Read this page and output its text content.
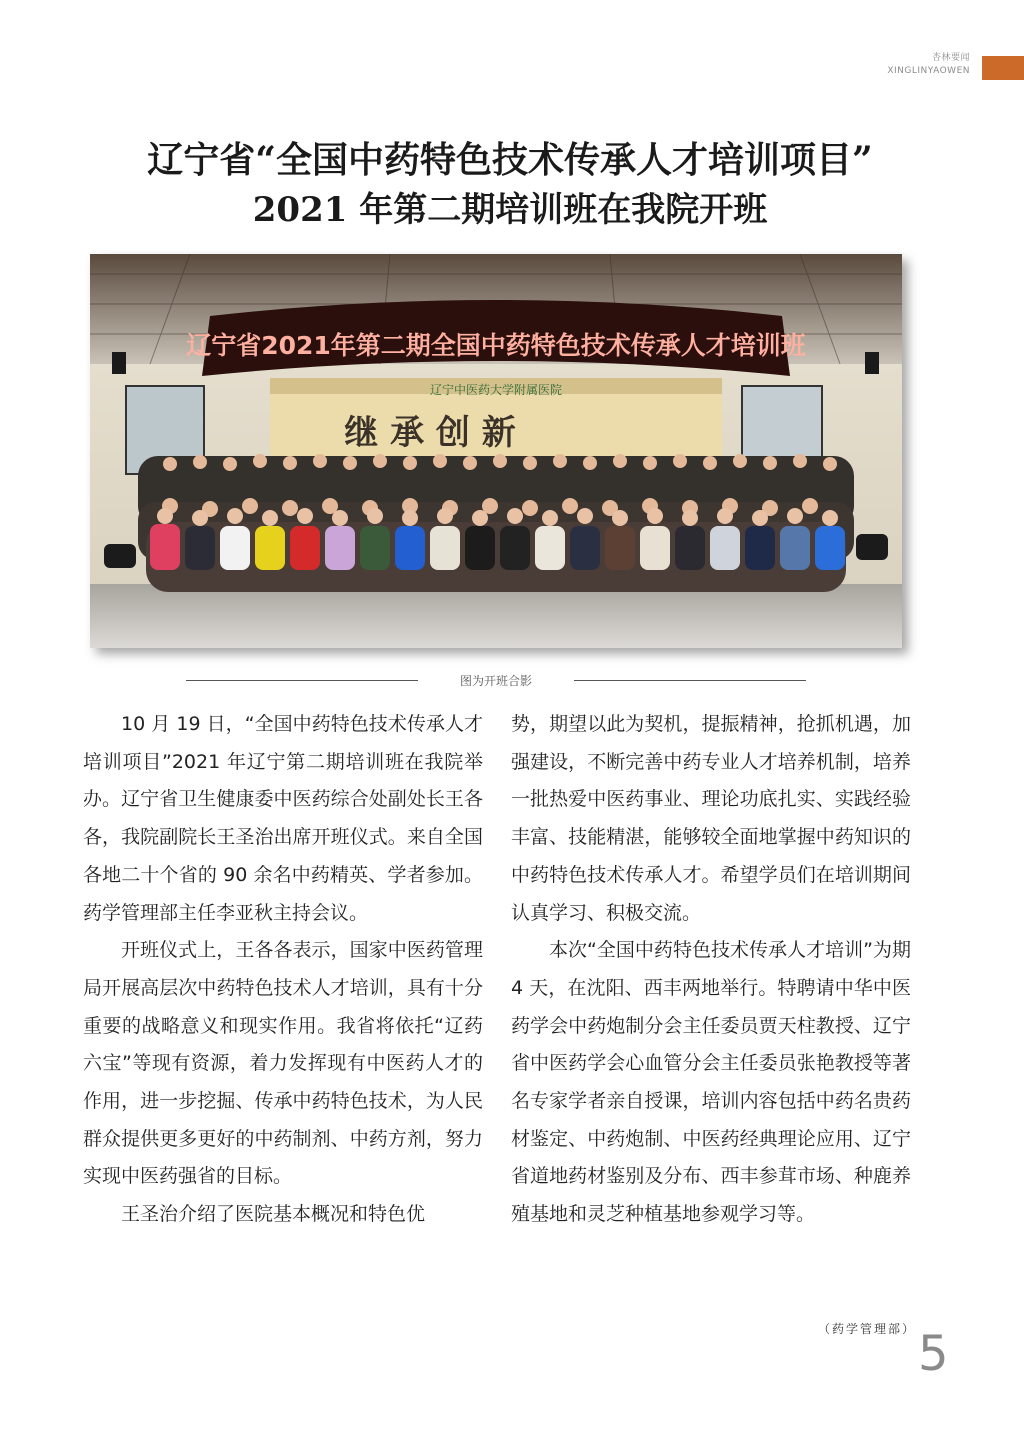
杏林要闻
XINGLINYAOWEN
辽宁省“全国中药特色技术传承人才培训项目”
2021 年第二期培训班在我院开班
辽宁省2021年第二期全国中药特色技术传承人才培训班
辽宁中医药大学附属医院
继 承 创 新
图为开班合影

10 月 19 日，“全国中药特色技术传承人才培训项目”2021 年辽宁第二期培训班在我院举办。辽宁省卫生健康委中医药综合处副处长王各各，我院副院长王圣治出席开班仪式。来自全国各地二十个省的 90 余名中药精英、学者参加。药学管理部主任李亚秋主持会议。

开班仪式上，王各各表示，国家中医药管理局开展高层次中药特色技术人才培训，具有十分重要的战略意义和现实作用。我省将依托“辽药六宝”等现有资源，着力发挥现有中医药人才的作用，进一步挖掘、传承中药特色技术，为人民群众提供更多更好的中药制剂、中药方剂，努力实现中医药强省的目标。

王圣治介绍了医院基本概况和特色优

势，期望以此为契机，提振精神，抢抓机遇，加强建设，不断完善中药专业人才培养机制，培养一批热爱中医药事业、理论功底扎实、实践经验丰富、技能精湛，能够较全面地掌握中药知识的中药特色技术传承人才。希望学员们在培训期间认真学习、积极交流。

本次“全国中药特色技术传承人才培训”为期 4 天，在沈阳、西丰两地举行。特聘请中华中医药学会中药炮制分会主任委员贾天柱教授、辽宁省中医药学会心血管分会主任委员张艳教授等著名专家学者亲自授课，培训内容包括中药名贵药材鉴定、中药炮制、中医药经典理论应用、辽宁省道地药材鉴别及分布、西丰参茸市场、种鹿养殖基地和灵芝种植基地参观学习等。

（药学管理部） 5
